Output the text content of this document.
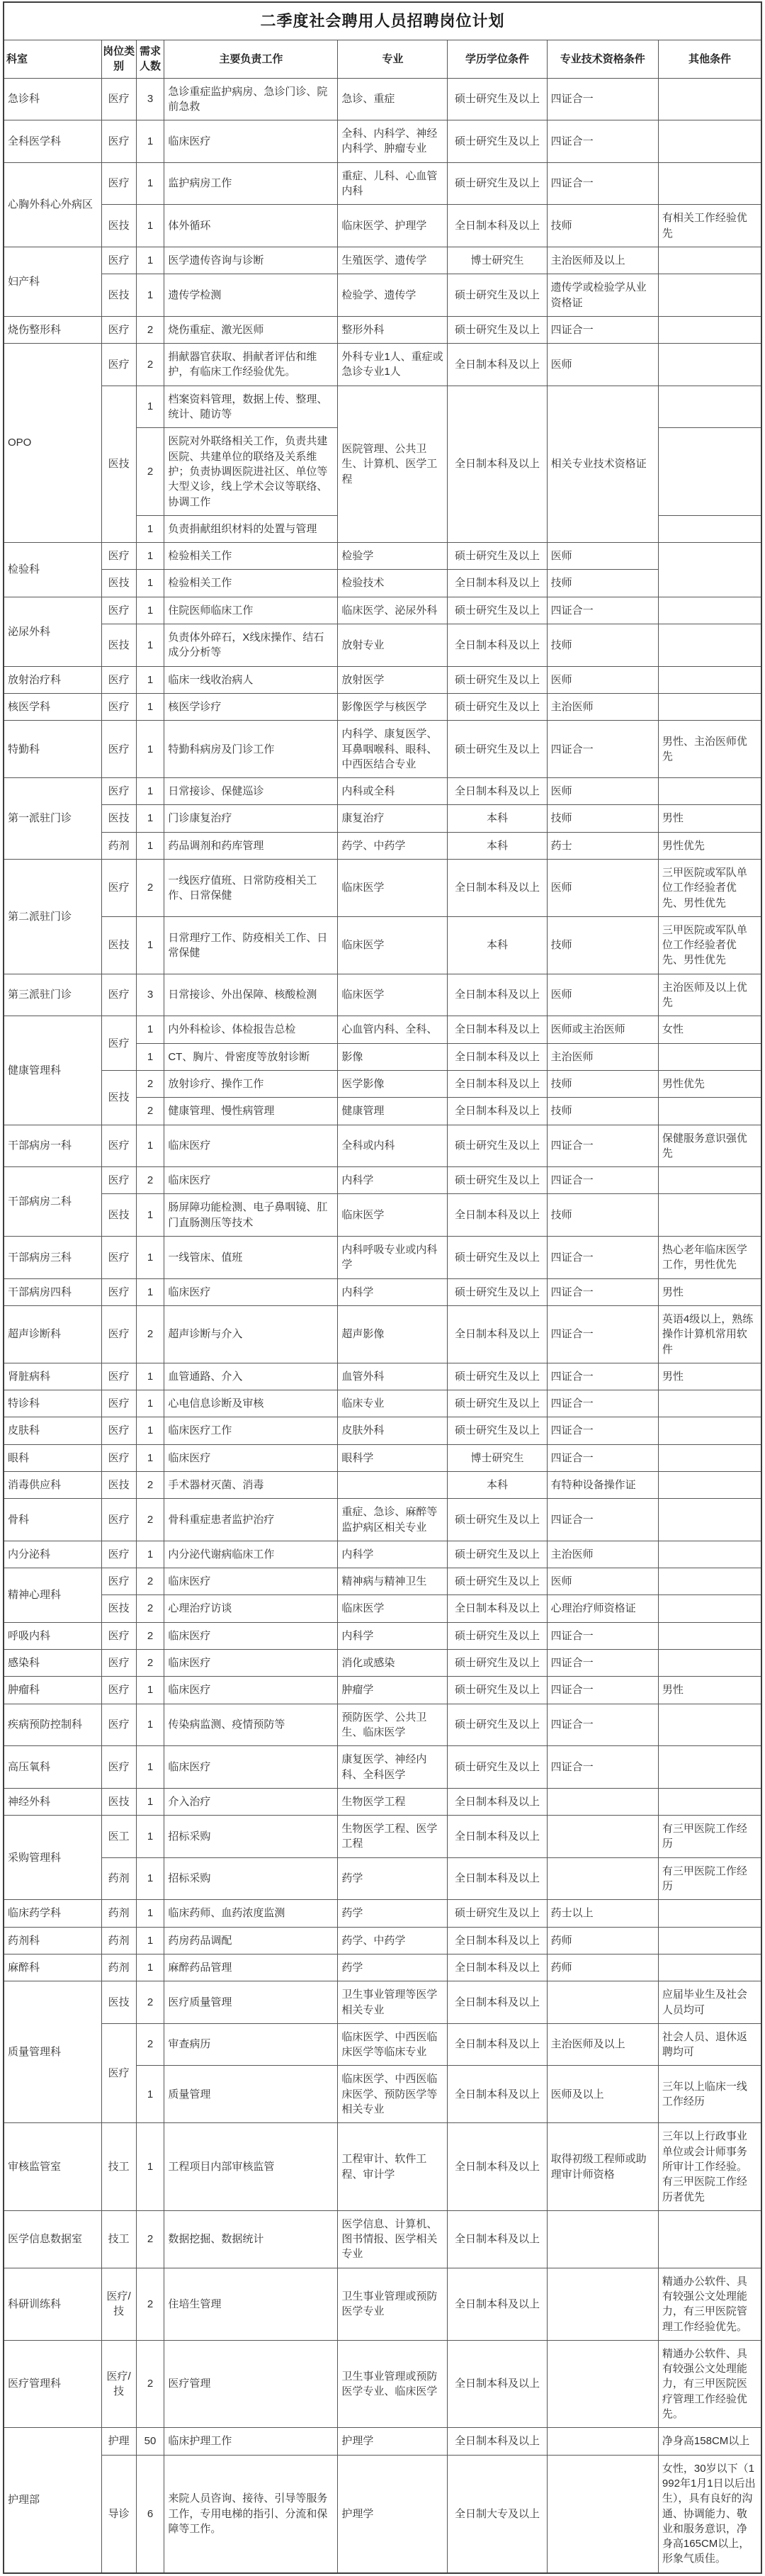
二季度社会聘用人员招聘岗位计划							
科室	岗位类别	需求人数	主要负责工作	专业	学历学位条件	专业技术资格条件	其他条件
急诊科	医疗	3	急诊重症监护病房、急诊门诊、院前急救	急诊、重症	硕士研究生及以上	四证合一	
全科医学科	医疗	1	临床医疗	全科、内科学、神经内科学、肿瘤专业	硕士研究生及以上	四证合一	
心胸外科心外病区	医疗	1	监护病房工作	重症、儿科、心血管内科	硕士研究生及以上	四证合一	
	医技	1	体外循环	临床医学、护理学	全日制本科及以上	技师	有相关工作经验优先
妇产科	医疗	1	医学遗传咨询与诊断	生殖医学、遗传学	博士研究生	主治医师及以上	
	医技	1	遗传学检测	检验学、遗传学	硕士研究生及以上	遗传学或检验学从业资格证	
烧伤整形科	医疗	2	烧伤重症、激光医师	整形外科	硕士研究生及以上	四证合一	
OPO	医疗	2	捐献器官获取、捐献者评估和维护，有临床工作经验优先。	外科专业1人、重症或急诊专业1人	全日制本科及以上	医师	
	医技	1	档案资料管理，数据上传、整理、统计、随访等	医院管理、公共卫生、计算机、医学工程	全日制本科及以上	相关专业技术资格证	
		2	医院对外联络相关工作，负责共建医院、共建单位的联络及关系维护；负责协调医院进社区、单位等大型义诊，线上学术会议等联络、协调工作				
		1	负责捐献组织材料的处置与管理				
检验科	医疗	1	检验相关工作	检验学	硕士研究生及以上	医师	
	医技	1	检验相关工作	检验技术	全日制本科及以上	技师	
泌尿外科	医疗	1	住院医师临床工作	临床医学、泌尿外科	硕士研究生及以上	四证合一	
	医技	1	负责体外碎石，X线床操作、结石成分分析等	放射专业	全日制本科及以上	技师	
放射治疗科	医疗	1	临床一线收治病人	放射医学	硕士研究生及以上	医师	
核医学科	医疗	1	核医学诊疗	影像医学与核医学	硕士研究生及以上	主治医师	
特勤科	医疗	1	特勤科病房及门诊工作	内科学、康复医学、耳鼻咽喉科、眼科、中西医结合专业	硕士研究生及以上	四证合一	男性、主治医师优先
第一派驻门诊	医疗	1	日常接诊、保健巡诊	内科或全科	全日制本科及以上	医师	
	医技	1	门诊康复治疗	康复治疗	本科	技师	男性
	药剂	1	药品调剂和药库管理	药学、中药学	本科	药士	男性优先
第二派驻门诊	医疗	2	一线医疗值班、日常防疫相关工作、日常保健	临床医学	全日制本科及以上	医师	三甲医院或军队单位工作经验者优先、男性优先
	医技	1	日常理疗工作、防疫相关工作、日常保健	临床医学	本科	技师	三甲医院或军队单位工作经验者优先、男性优先
第三派驻门诊	医疗	3	日常接诊、外出保障、核酸检测	临床医学	全日制本科及以上	医师	主治医师及以上优先
健康管理科	医疗	1	内外科检诊、体检报告总检	心血管内科、全科、	全日制本科及以上	医师或主治医师	女性
		1	CT、胸片、骨密度等放射诊断	影像	全日制本科及以上	主治医师	
	医技	2	放射诊疗、操作工作	医学影像	全日制本科及以上	技师	男性优先
		2	健康管理、慢性病管理	健康管理	全日制本科及以上	技师	
干部病房一科	医疗	1	临床医疗	全科或内科	硕士研究生及以上	四证合一	保健服务意识强优先
干部病房二科	医疗	2	临床医疗	内科学	硕士研究生及以上	四证合一	
	医技	1	肠屏障功能检测、电子鼻咽镜、肛门直肠测压等技术	临床医学	全日制本科及以上	技师	
干部病房三科	医疗	1	一线管床、值班	内科呼吸专业或内科学	硕士研究生及以上	四证合一	热心老年临床医学工作，男性优先
干部病房四科	医疗	1	临床医疗	内科学	硕士研究生及以上	四证合一	男性
超声诊断科	医疗	2	超声诊断与介入	超声影像	全日制本科及以上	四证合一	英语4级以上，熟练操作计算机常用软件
肾脏病科	医疗	1	血管通路、介入	血管外科	硕士研究生及以上	四证合一	男性
特诊科	医疗	1	心电信息诊断及审核	临床专业	硕士研究生及以上	四证合一	
皮肤科	医疗	1	临床医疗工作	皮肤外科	硕士研究生及以上	四证合一	
眼科	医疗	1	临床医疗	眼科学	博士研究生	四证合一	
消毒供应科	医技	2	手术器材灭菌、消毒		本科	有特种设备操作证	
骨科	医疗	2	骨科重症患者监护治疗	重症、急诊、麻醉等监护病区相关专业	硕士研究生及以上	四证合一	
内分泌科	医疗	1	内分泌代谢病临床工作	内科学	硕士研究生及以上	主治医师	
精神心理科	医疗	2	临床医疗	精神病与精神卫生	硕士研究生及以上	医师	
	医技	2	心理治疗访谈	临床医学	全日制本科及以上	心理治疗师资格证	
呼吸内科	医疗	2	临床医疗	内科学	硕士研究生及以上	四证合一	
感染科	医疗	2	临床医疗	消化或感染	硕士研究生及以上	四证合一	
肿瘤科	医疗	1	临床医疗	肿瘤学	硕士研究生及以上	四证合一	男性
疾病预防控制科	医疗	1	传染病监测、疫情预防等	预防医学、公共卫生、临床医学	硕士研究生及以上	四证合一	
高压氧科	医疗	1	临床医疗	康复医学、神经内科、全科医学	硕士研究生及以上	四证合一	
神经外科	医技	1	介入治疗	生物医学工程	全日制本科及以上		
采购管理科	医工	1	招标采购	生物医学工程、医学工程	全日制本科及以上		有三甲医院工作经历
	药剂	1	招标采购	药学	全日制本科及以上		有三甲医院工作经历
临床药学科	药剂	1	临床药师、血药浓度监测	药学	硕士研究生及以上	药士以上	
药剂科	药剂	1	药房药品调配	药学、中药学	全日制本科及以上	药师	
麻醉科	药剂	1	麻醉药品管理	药学	全日制本科及以上	药师	
质量管理科	医技	2	医疗质量管理	卫生事业管理等医学相关专业	全日制本科及以上		应届毕业生及社会人员均可
	医疗	2	审查病历	临床医学、中西医临床医学等临床专业	全日制本科及以上	主治医师及以上	社会人员、退休返聘均可
		1	质量管理	临床医学、中西医临床医学、预防医学等相关专业	全日制本科及以上	医师及以上	三年以上临床一线工作经历
审核监管室	技工	1	工程项目内部审核监管	工程审计、软件工程、审计学	全日制本科及以上	取得初级工程师或助理审计师资格	三年以上行政事业单位或会计师事务所审计工作经验。有三甲医院工作经历者优先
医学信息数据室	技工	2	数据挖掘、数据统计	医学信息、计算机、图书情报、医学相关专业	全日制本科及以上		
科研训练科	医疗/技	2	住培生管理	卫生事业管理或预防医学专业	全日制本科及以上		精通办公软件、具有较强公文处理能力，有三甲医院管理工作经验优先。
医疗管理科	医疗/技	2	医疗管理	卫生事业管理或预防医学专业、临床医学	全日制本科及以上		精通办公软件、具有较强公文处理能力，有三甲医院医疗管理工作经验优先。
护理部	护理	50	临床护理工作	护理学	全日制本科及以上		净身高158CM以上
	导诊	6	来院人员咨询、接待、引导等服务工作，专用电梯的指引、分流和保障等工作。	护理学	全日制大专及以上		女性，30岁以下（1992年1月1日以后出生），具有良好的沟通、协调能力、敬业和服务意识，净身高165CM以上，形象气质佳。
